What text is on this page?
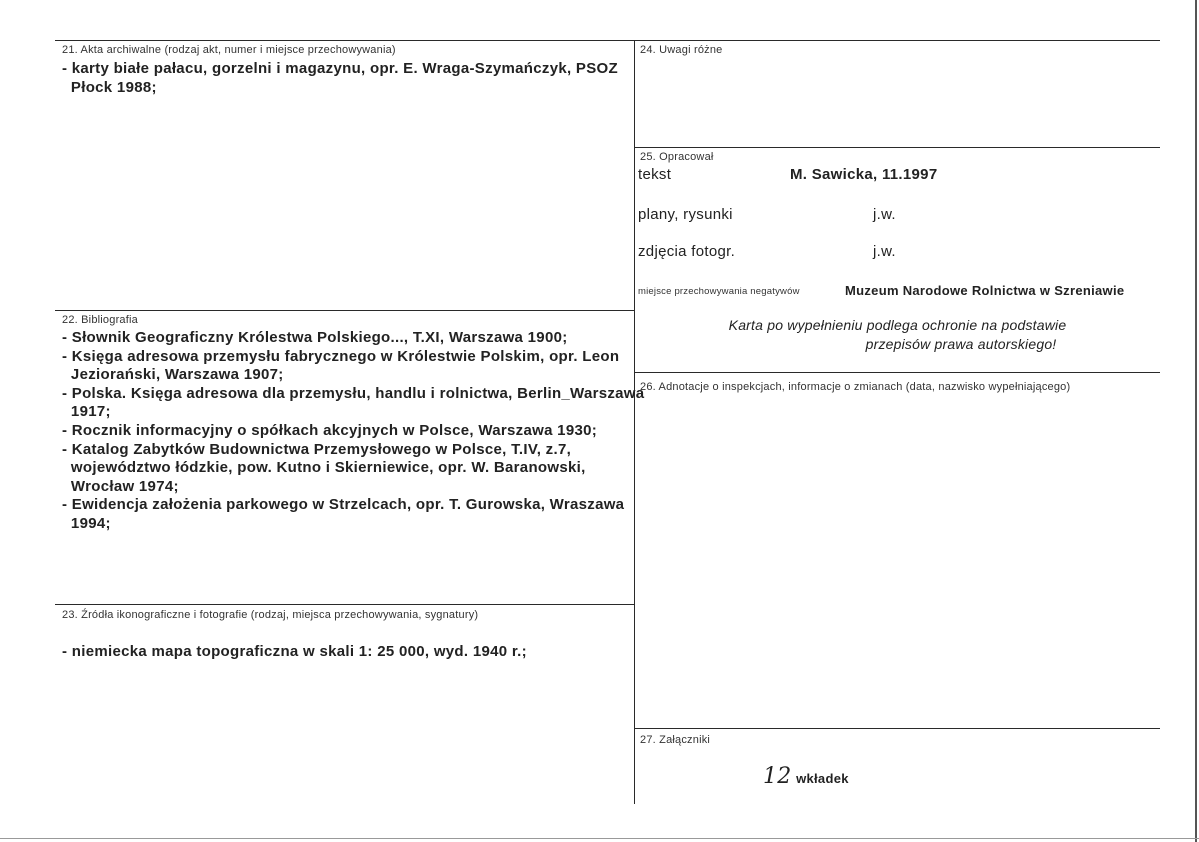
21. Akta archiwalne (rodzaj akt, numer i miejsce przechowywania)
- karty białe pałacu, gorzelni i magazynu, opr. E. Wraga-Szymańczyk, PSOZ
Płock 1988;
22. Bibliografia
- Słownik Geograficzny Królestwa Polskiego..., T.XI, Warszawa 1900;
- Księga adresowa przemysłu fabrycznego w Królestwie Polskim, opr. Leon
Jeziorański, Warszawa 1907;
- Polska. Księga adresowa dla przemysłu, handlu i rolnictwa, Berlin_Warszawa
1917;
- Rocznik informacyjny o spółkach akcyjnych w Polsce, Warszawa 1930;
- Katalog Zabytków Budownictwa Przemysłowego w Polsce, T.IV, z.7,
województwo łódzkie, pow. Kutno i Skierniewice, opr. W. Baranowski,
Wrocław 1974;
- Ewidencja założenia parkowego w Strzelcach, opr. T. Gurowska, Wraszawa
1994;
23. Źródła ikonograficzne i fotografie (rodzaj, miejsca przechowywania, sygnatury)
- niemiecka mapa topograficzna w skali 1: 25 000, wyd. 1940 r.;
24. Uwagi różne
25. Opracował
tekst	M. Sawicka, 11.1997
plany, rysunki	j.w.
zdjęcia fotogr.	j.w.
miejsce przechowywania negatywów	Muzeum Narodowe Rolnictwa w Szreniawie
Karta po wypełnieniu podlega ochronie na podstawie
przepisów prawa autorskiego!
26. Adnotacje o inspekcjach, informacje o zmianach (data, nazwisko wypełniającego)
27. Załączniki
12 wkładek
